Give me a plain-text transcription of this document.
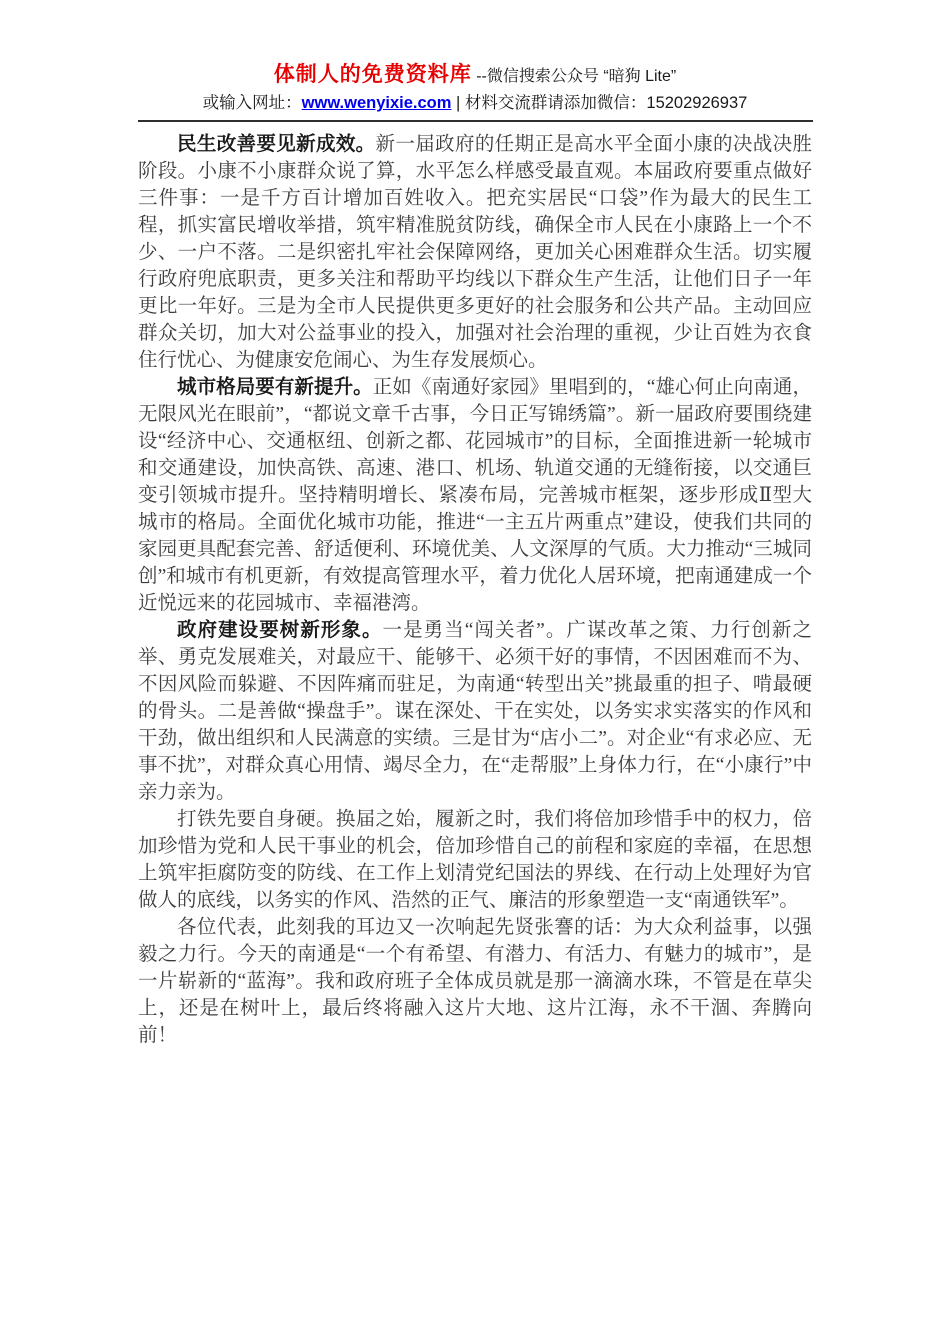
体制人的免费资料库 --微信搜索公众号 “暗狗 Lite”
或输入网址：www.wenyixie.com | 材料交流群请添加微信：15202926937

民生改善要见新成效。新一届政府的任期正是高水平全面小康的决战决胜阶段。小康不小康群众说了算，水平怎么样感受最直观。本届政府要重点做好三件事：一是千方百计增加百姓收入。把充实居民“口袋”作为最大的民生工程，抓实富民增收举措，筑牢精准脱贫防线，确保全市人民在小康路上一个不少、一户不落。二是织密扎牢社会保障网络，更加关心困难群众生活。切实履行政府兜底职责，更多关注和帮助平均线以下群众生产生活，让他们日子一年更比一年好。三是为全市人民提供更多更好的社会服务和公共产品。主动回应群众关切，加大对公益事业的投入，加强对社会治理的重视，少让百姓为衣食住行忧心、为健康安危闹心、为生存发展烦心。

城市格局要有新提升。正如《南通好家园》里唱到的，“雄心何止向南通，无限风光在眼前”，“都说文章千古事，今日正写锦绣篇”。新一届政府要围绕建设“经济中心、交通枢纽、创新之都、花园城市”的目标，全面推进新一轮城市和交通建设，加快高铁、高速、港口、机场、轨道交通的无缝衔接，以交通巨变引领城市提升。坚持精明增长、紧凑布局，完善城市框架，逐步形成Ⅱ型大城市的格局。全面优化城市功能，推进“一主五片两重点”建设，使我们共同的家园更具配套完善、舒适便利、环境优美、人文深厚的气质。大力推动“三城同创”和城市有机更新，有效提高管理水平，着力优化人居环境，把南通建成一个近悦远来的花园城市、幸福港湾。

政府建设要树新形象。一是勇当“闯关者”。广谋改革之策、力行创新之举、勇克发展难关，对最应干、能够干、必须干好的事情，不因困难而不为、不因风险而躲避、不因阵痛而驻足，为南通“转型出关”挑最重的担子、啃最硬的骨头。二是善做“操盘手”。谋在深处、干在实处，以务实求实落实的作风和干劲，做出组织和人民满意的实绩。三是甘为“店小二”。对企业“有求必应、无事不扰”，对群众真心用情、竭尽全力，在“走帮服”上身体力行，在“小康行”中亲力亲为。

打铁先要自身硬。换届之始，履新之时，我们将倍加珍惜手中的权力，倍加珍惜为党和人民干事业的机会，倍加珍惜自己的前程和家庭的幸福，在思想上筑牢拒腐防变的防线、在工作上划清党纪国法的界线、在行动上处理好为官做人的底线，以务实的作风、浩然的正气、廉洁的形象塑造一支“南通铁军”。

各位代表，此刻我的耳边又一次响起先贤张謇的话：为大众利益事，以强毅之力行。今天的南通是“一个有希望、有潜力、有活力、有魅力的城市”，是一片崭新的“蓝海”。我和政府班子全体成员就是那一滴滴水珠，不管是在草尖上，还是在树叶上，最后终将融入这片大地、这片江海，永不干涸、奔腾向前！
